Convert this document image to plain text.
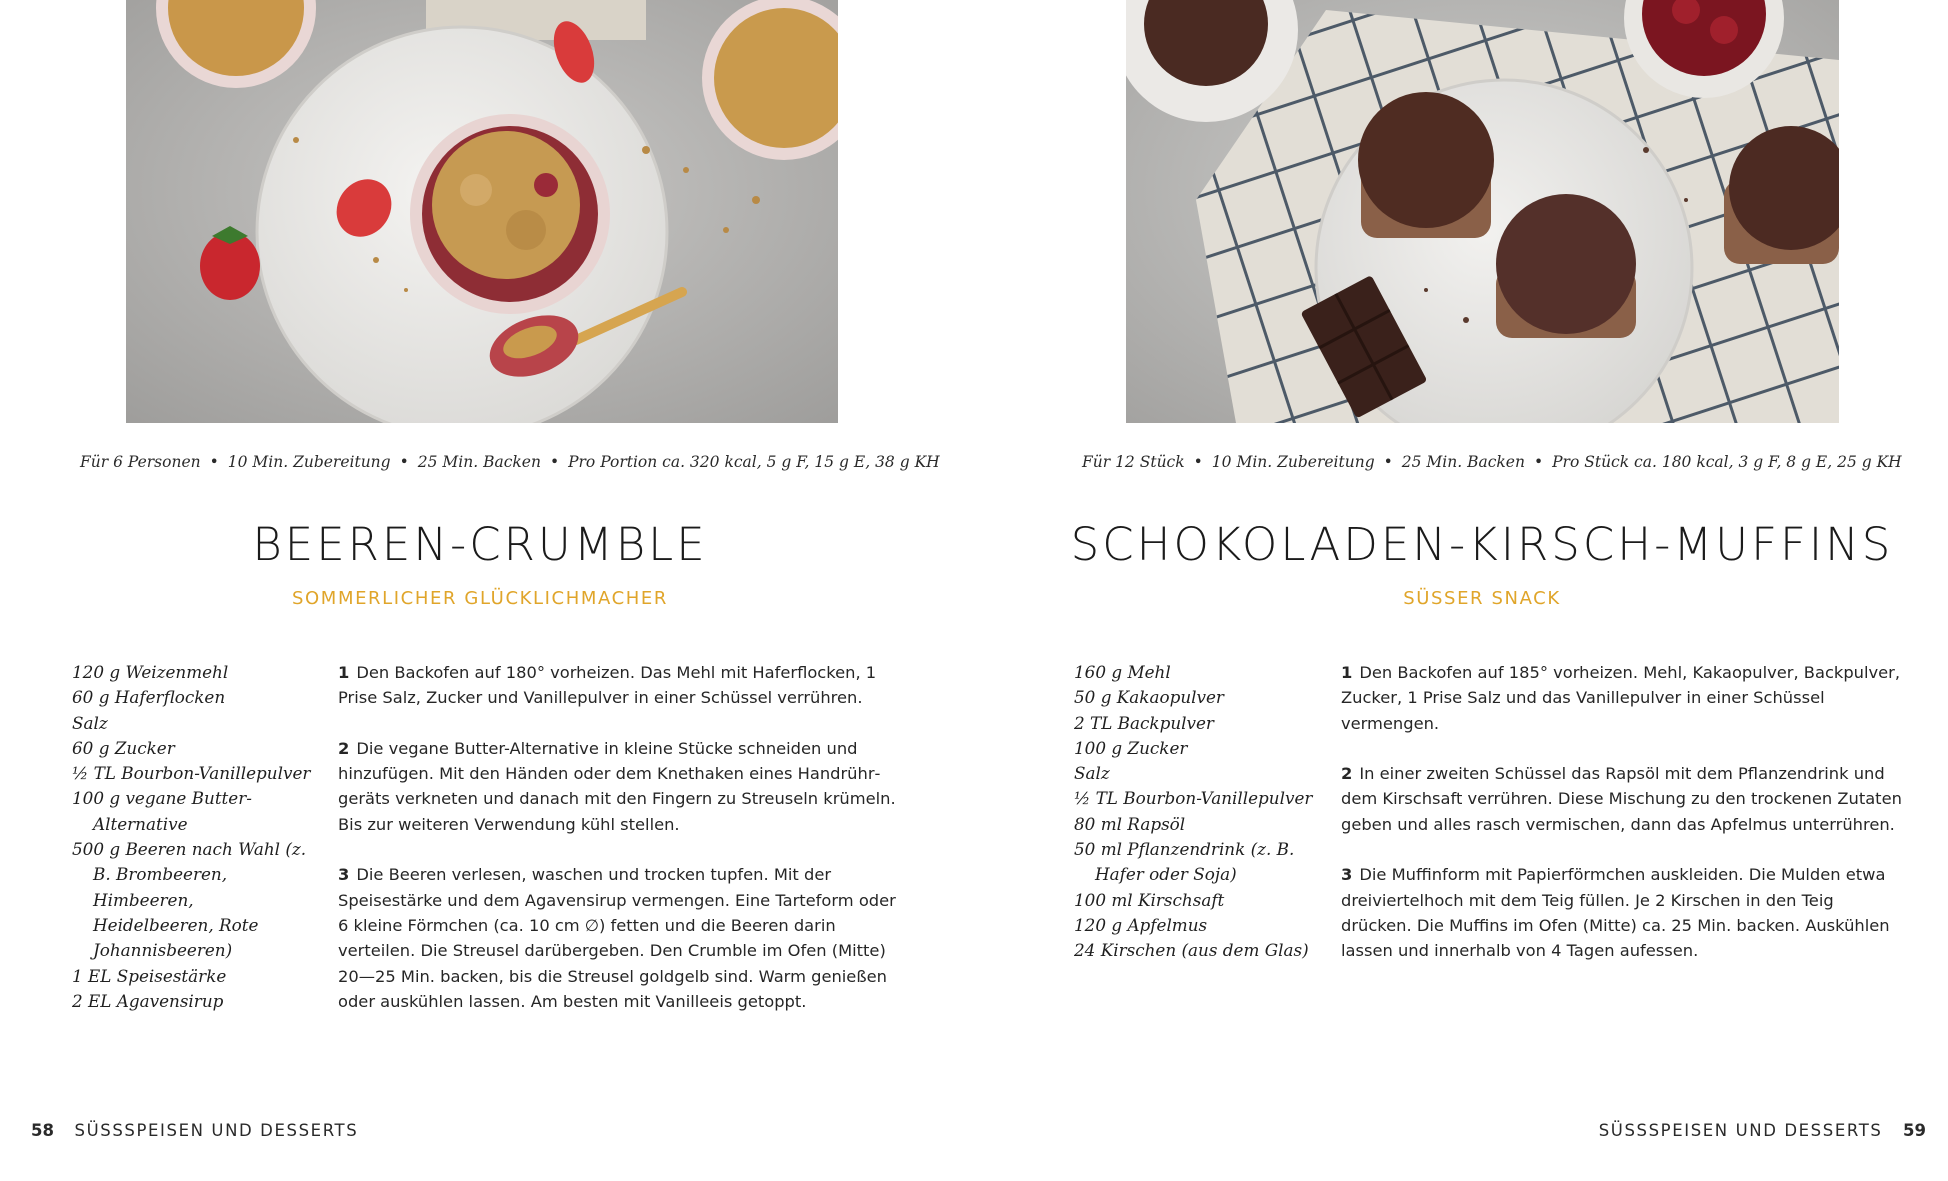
Für 6 Personen • 10 Min. Zubereitung • 25 Min. Backen • Pro Portion ca. 320 kcal, 5 g F, 15 g E, 38 g KH
BEEREN-CRUMBLE
SOMMERLICHER GLÜCKLICHMACHER
120 g Weizenmehl
60 g Haferflocken
Salz
60 g Zucker
½ TL Bourbon-Vanillepulver
100 g vegane Butter-Alternative
500 g Beeren nach Wahl (z. B. Brombeeren, Himbeeren, Heidelbeeren, Rote Johannisbeeren)
1 EL Speisestärke
2 EL Agavensirup

1 Den Backofen auf 180° vorheizen. Das Mehl mit Haferflocken, 1 Prise Salz, Zucker und Vanillepulver in einer Schüssel verrühren.

2 Die vegane Butter-Alternative in kleine Stücke schneiden und hinzufügen. Mit den Händen oder dem Knethaken eines Handrührgeräts verkneten und danach mit den Fingern zu Streuseln krümeln. Bis zur weiteren Verwendung kühl stellen.

3 Die Beeren verlesen, waschen und trocken tupfen. Mit der Speisestärke und dem Agavensirup vermengen. Eine Tarteform oder 6 kleine Förmchen (ca. 10 cm ∅) fetten und die Beeren darin verteilen. Die Streusel darübergeben. Den Crumble im Ofen (Mitte) 20—25 Min. backen, bis die Streusel goldgelb sind. Warm genießen oder auskühlen lassen. Am besten mit Vanilleeis getoppt.

58 SÜSSSPEISEN UND DESSERTS
Für 12 Stück • 10 Min. Zubereitung • 25 Min. Backen • Pro Stück ca. 180 kcal, 3 g F, 8 g E, 25 g KH
SCHOKOLADEN-KIRSCH-MUFFINS
SÜSSER SNACK
160 g Mehl
50 g Kakaopulver
2 TL Backpulver
100 g Zucker
Salz
½ TL Bourbon-Vanillepulver
80 ml Rapsöl
50 ml Pflanzendrink (z. B. Hafer oder Soja)
100 ml Kirschsaft
120 g Apfelmus
24 Kirschen (aus dem Glas)

1 Den Backofen auf 185° vorheizen. Mehl, Kakaopulver, Backpulver, Zucker, 1 Prise Salz und das Vanillepulver in einer Schüssel vermengen.

2 In einer zweiten Schüssel das Rapsöl mit dem Pflanzendrink und dem Kirschsaft verrühren. Diese Mischung zu den trockenen Zutaten geben und alles rasch vermischen, dann das Apfelmus unterrühren.

3 Die Muffinform mit Papierförmchen auskleiden. Die Mulden etwa dreiviertelhoch mit dem Teig füllen. Je 2 Kirschen in den Teig drücken. Die Muffins im Ofen (Mitte) ca. 25 Min. backen. Auskühlen lassen und innerhalb von 4 Tagen aufessen.

SÜSSSPEISEN UND DESSERTS 59
